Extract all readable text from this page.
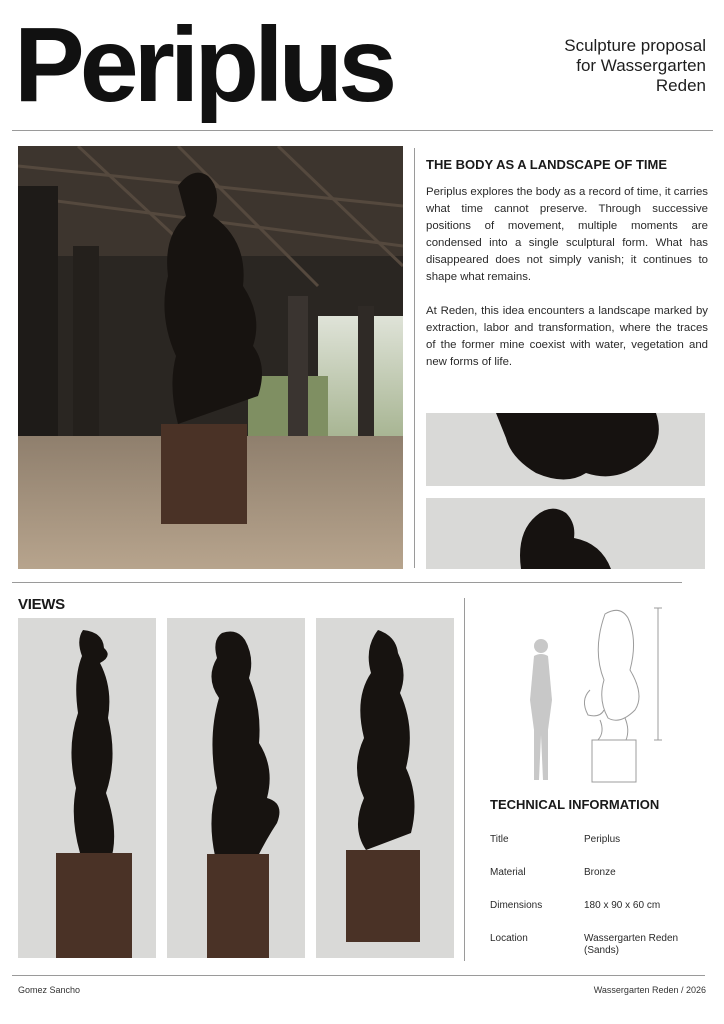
Periplus	Sculpture proposal for Wassergarten Reden
THE BODY AS A LANDSCAPE OF TIME

Periplus explores the body as a record of time, it carries what time cannot preserve. Through successive positions of movement, multiple moments are condensed into a single sculptural form. What has disappeared does not simply vanish; it continues to shape what remains.

At Reden, this idea encounters a landscape marked by extraction, labor and transformation, where the traces of the former mine coexist with water, vegetation and new forms of life.

VIEWS
TECHNICAL INFORMATION
Title	Periplus
Material	Bronze
Dimensions	180 x 90 x 60 cm
Location	Wassergarten Reden (Sands)
Gomez Sancho	Wassergarten Reden / 2026
